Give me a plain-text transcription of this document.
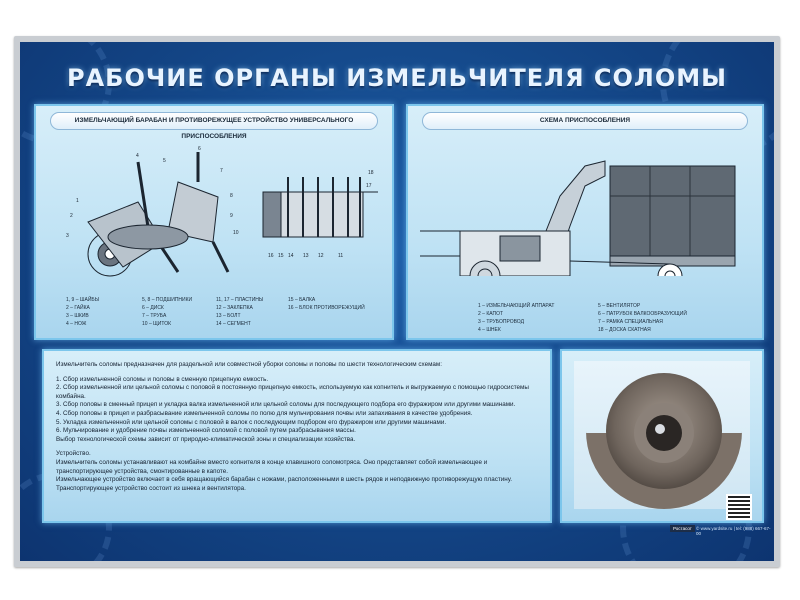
РАБОЧИЕ ОРГАНЫ ИЗМЕЛЬЧИТЕЛЯ СОЛОМЫ
ИЗМЕЛЬЧАЮЩИЙ БАРАБАН И ПРОТИВОРЕЖУЩЕЕ УСТРОЙСТВО УНИВЕРСАЛЬНОГО ПРИСПОСОБЛЕНИЯ
1
2
3
4
5
6
7
8
9
10
11
12
13
14
15
16
17
18
1, 9 – ШАЙБЫ
2 – ГАЙКА
3 – ШКИВ
4 – НОЖ
5, 8 – ПОДШИПНИКИ
6 – ДИСК
7 – ТРУБА
10 – ЩИТОК
11, 17 – ПЛАСТИНЫ
12 – ЗАКЛЕПКА
13 – БОЛТ
14 – СЕГМЕНТ
15 – БАЛКА
16 – БЛОК ПРОТИВОРЕЖУЩИЙ
СХЕМА ПРИСПОСОБЛЕНИЯ
1 – ИЗМЕЛЬЧАЮЩИЙ АППАРАТ
2 – КАПОТ
3 – ТРУБОПРОВОД
4 – ШНЕК
5 – ВЕНТИЛЯТОР
6 – ПАТРУБОК ВАЛКООБРАЗУЮЩИЙ
7 – РАМКА СПЕЦИАЛЬНАЯ
18 – ДОСКА СКАТНАЯ

Измельчитель соломы предназначен для раздельной или совместной уборки соломы и половы по шести технологическим схемам:

1. Сбор измельченной соломы и половы в сменную прицепную емкость.

2. Сбор измельченной или цельной соломы с половой в постоянную прицепную емкость, используемую как копнитель и выгружаемую с помощью гидросистемы комбайна.

3. Сбор половы в сменный прицеп и укладка валка измельченной или цельной соломы для последующего подбора его фуражиром или другими машинами.

4. Сбор половы в прицеп и разбрасывание измельченной соломы по полю для мульчирования почвы или запахивания в качестве удобрения.

5. Укладка измельченной или цельной соломы с половой в валок с последующим подбором его фуражиром или другими машинами.

6. Мульчирование и удобрение почвы измельченной соломой с половой путем разбрасывания массы.

Выбор технологической схемы зависит от природно-климатической зоны и специализации хозяйства.

Устройство.

Измельчитель соломы устанавливают на комбайне вместо копнителя в конце клавишного соломотряса. Оно представляет собой измельчающее и транспортирующее устройства, смонтированные в капоте.

Измельчающее устройство включает в себя вращающийся барабан с ножами, расположенными в шесть рядов и неподвижную противорежущую пластину.

Транспортирующее устройство состоит из шнека и вентилятора.

Ростасот © www.yardsite.ru | tel: (988) 667-67-00
